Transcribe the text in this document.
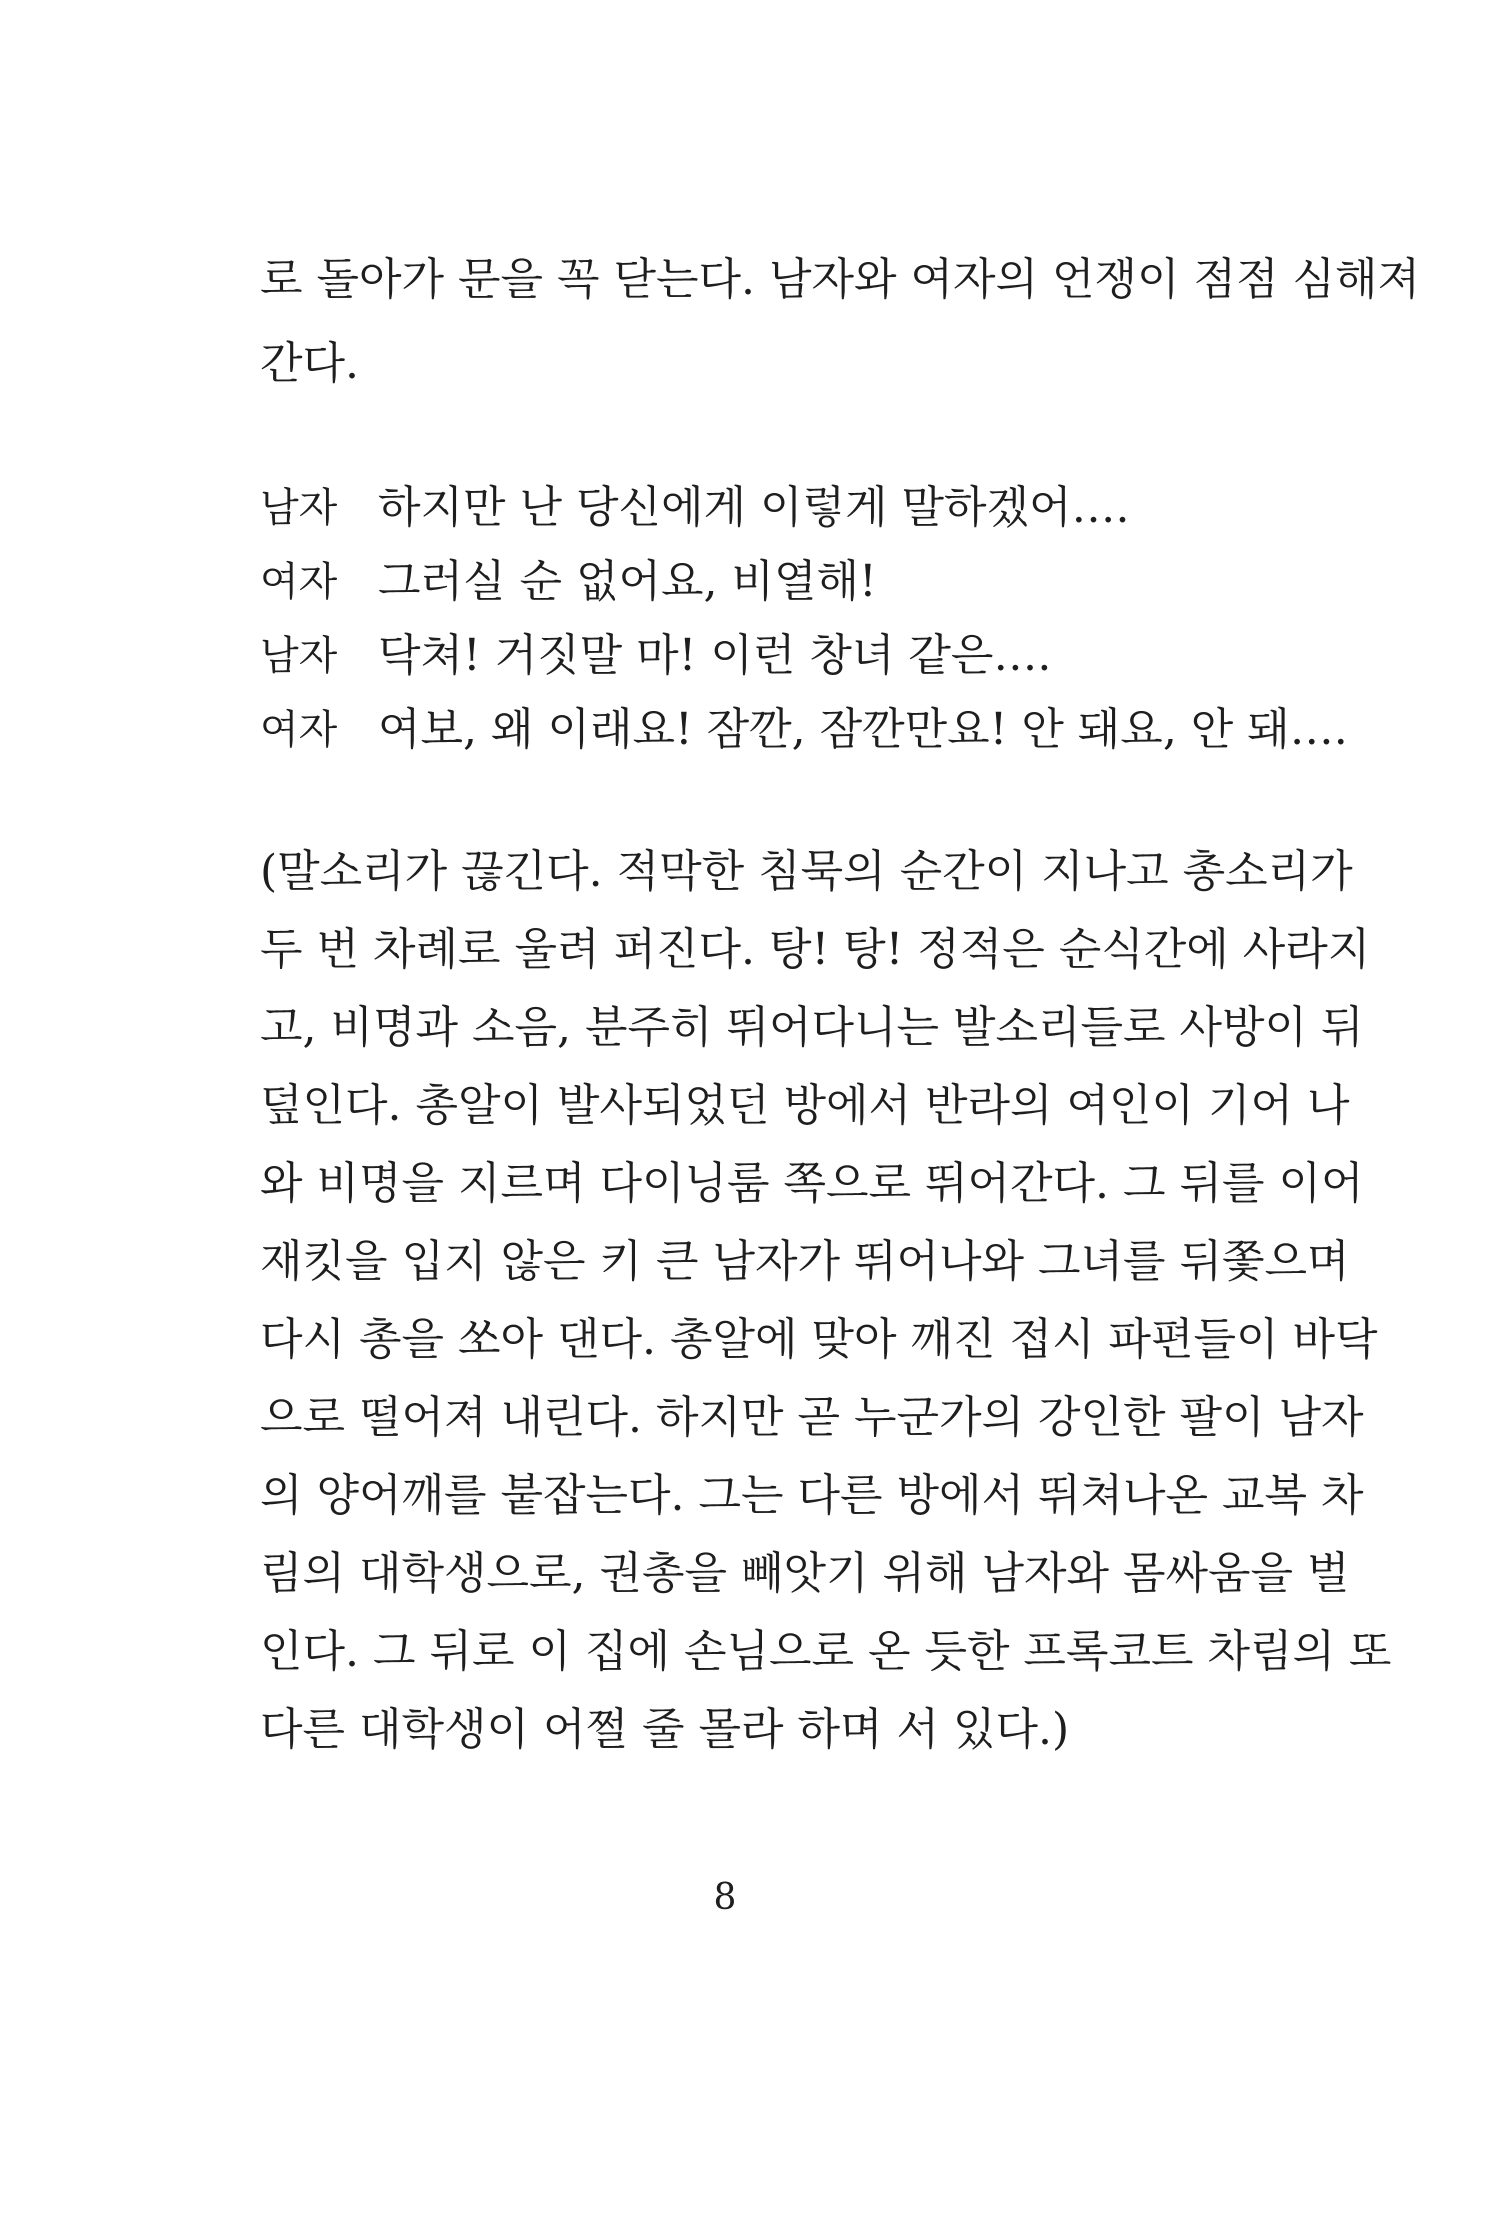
로 돌아가 문을 꼭 닫는다. 남자와 여자의 언쟁이 점점 심해져
간다.
남자 하지만 난 당신에게 이렇게 말하겠어….
여자 그러실 순 없어요, 비열해!
남자 닥쳐! 거짓말 마! 이런 창녀 같은….
여자 여보, 왜 이래요! 잠깐, 잠깐만요! 안 돼요, 안 돼….
(말소리가 끊긴다. 적막한 침묵의 순간이 지나고 총소리가
두 번 차례로 울려 퍼진다. 탕! 탕! 정적은 순식간에 사라지
고, 비명과 소음, 분주히 뛰어다니는 발소리들로 사방이 뒤
덮인다. 총알이 발사되었던 방에서 반라의 여인이 기어 나
와 비명을 지르며 다이닝룸 쪽으로 뛰어간다. 그 뒤를 이어
재킷을 입지 않은 키 큰 남자가 뛰어나와 그녀를 뒤쫓으며
다시 총을 쏘아 댄다. 총알에 맞아 깨진 접시 파편들이 바닥
으로 떨어져 내린다. 하지만 곧 누군가의 강인한 팔이 남자
의 양어깨를 붙잡는다. 그는 다른 방에서 뛰쳐나온 교복 차
림의 대학생으로, 권총을 빼앗기 위해 남자와 몸싸움을 벌
인다. 그 뒤로 이 집에 손님으로 온 듯한 프록코트 차림의 또
다른 대학생이 어쩔 줄 몰라 하며 서 있다.)
8
